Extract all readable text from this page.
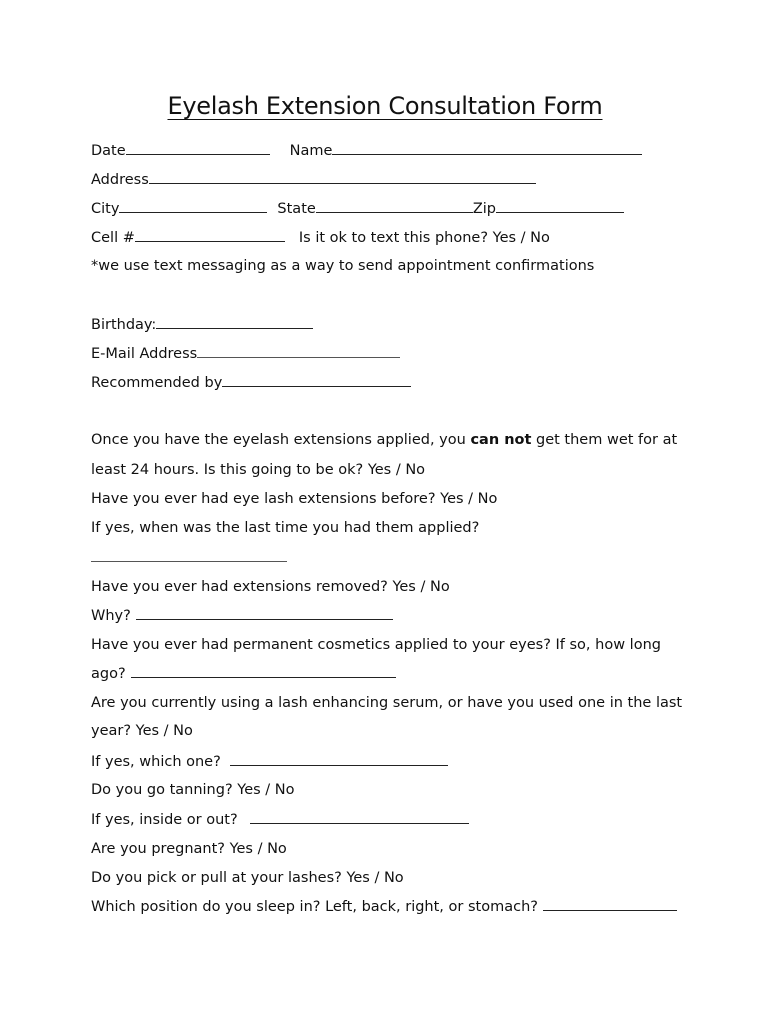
Eyelash Extension Consultation Form
Date	Name
Address
City	State	Zip
Cell #	Is it ok to text this phone? Yes / No
*we use text messaging as a way to send appointment confirmations
Birthday:
E-Mail Address
Recommended by
Once you have the eyelash extensions applied, you can not get them wet for at
least 24 hours. Is this going to be ok? Yes / No
Have you ever had eye lash extensions before? Yes / No
If yes, when was the last time you had them applied?
Have you ever had extensions removed? Yes / No
Why?
Have you ever had permanent cosmetics applied to your eyes? If so, how long
ago?
Are you currently using a lash enhancing serum, or have you used one in the last
year? Yes / No
If yes, which one?
Do you go tanning? Yes / No
If yes, inside or out?
Are you pregnant? Yes / No
Do you pick or pull at your lashes? Yes / No
Which position do you sleep in? Left, back, right, or stomach?
